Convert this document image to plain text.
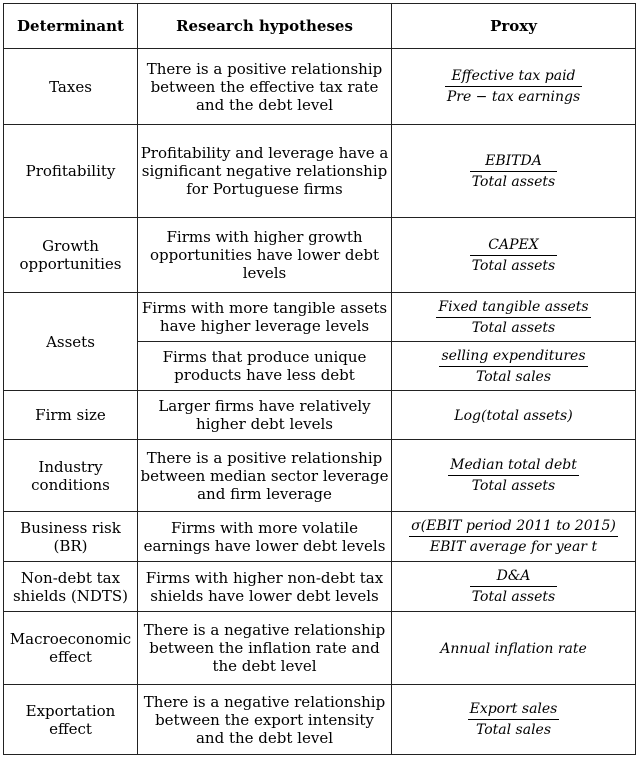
Determinant	Research hypotheses	Proxy
Taxes	There is a positive relationship between the effective tax rate and the debt level	$\frac{\text{Effective tax paid}}{\text{Pre − tax earnings}}$

Profitability	Profitability and leverage have a significant negative relationship for Portuguese firms	$\frac{\text{EBITDA}}{\text{Total assets}}$

Growth opportunities	Firms with higher growth opportunities have lower debt levels	$\frac{\text{CAPEX}}{\text{Total assets}}$

Assets	Firms with more tangible assets have higher leverage levels	$\frac{\text{Fixed tangible assets}}{\text{Total assets}}$

	Firms that produce unique products have less debt	$\frac{\text{selling expenditures}}{\text{Total sales}}$

Firm size	Larger firms have relatively higher debt levels	Log(total assets)
Industry conditions	There is a positive relationship between median sector leverage and firm leverage	$\frac{\text{Median total debt}}{\text{Total assets}}$

Business risk (BR)	Firms with more volatile earnings have lower debt levels	$\frac{\text{σ(EBIT period 2011 to 2015)}}{\text{EBIT average for year t}}$

Non-debt tax shields (NDTS)	Firms with higher non-debt tax shields have lower debt levels	$\frac{D\&A}{\text{Total assets}}$

Macroeconomic effect	There is a negative relationship between the inflation rate and the debt level	Annual inflation rate
Exportation effect	There is a negative relationship between the export intensity and the debt level	$\frac{\text{Export sales}}{\text{Total sales}}$
